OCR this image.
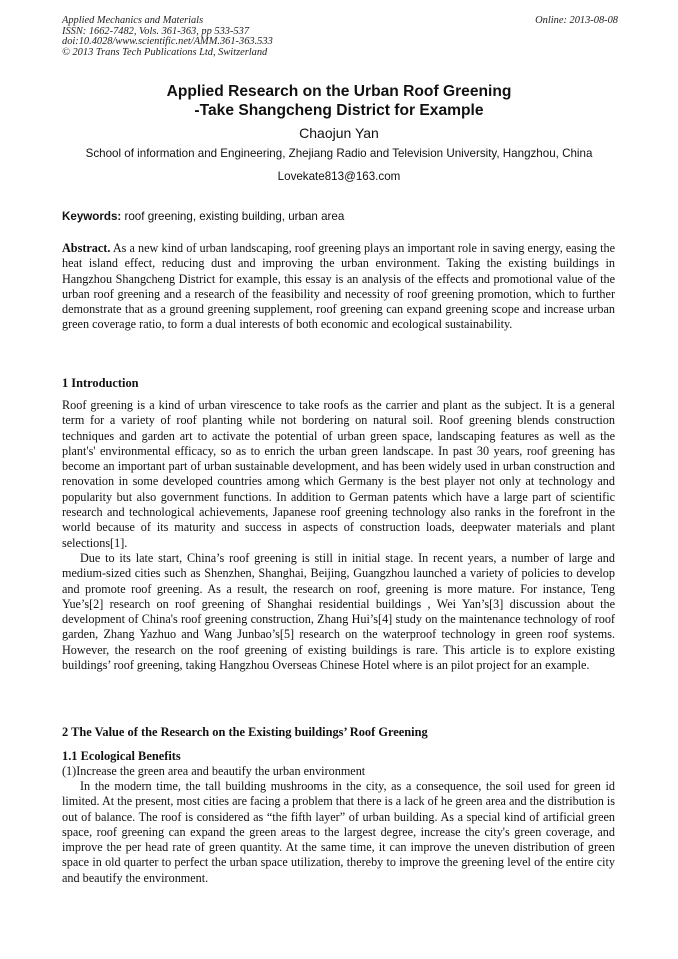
Applied Mechanics and Materials
ISSN: 1662-7482, Vols. 361-363, pp 533-537
doi:10.4028/www.scientific.net/AMM.361-363.533
© 2013 Trans Tech Publications Ltd, Switzerland
Online: 2013-08-08
Applied Research on the Urban Roof Greening
-Take Shangcheng District for Example
Chaojun Yan
School of information and Engineering, Zhejiang Radio and Television University, Hangzhou, China
Lovekate813@163.com
Keywords: roof greening, existing building, urban area
Abstract. As a new kind of urban landscaping, roof greening plays an important role in saving energy, easing the heat island effect, reducing dust and improving the urban environment. Taking the existing buildings in Hangzhou Shangcheng District for example, this essay is an analysis of the effects and promotional value of the urban roof greening and a research of the feasibility and necessity of roof greening promotion, which to further demonstrate that as a ground greening supplement, roof greening can expand greening scope and increase urban green coverage ratio, to form a dual interests of both economic and ecological sustainability.
1 Introduction

Roof greening is a kind of urban virescence to take roofs as the carrier and plant as the subject. It is a general term for a variety of roof planting while not bordering on natural soil. Roof greening blends construction techniques and garden art to activate the potential of urban green space, landscaping features as well as the plant's' environmental efficacy, so as to enrich the urban green landscape. In past 30 years, roof greening has become an important part of urban sustainable development, and has been widely used in urban construction and renovation in some developed countries among which Germany is the best player not only at technology and popularity but also government functions. In addition to German patents which have a large part of scientific research and technological achievements, Japanese roof greening technology also ranks in the forefront in the world because of its maturity and success in aspects of construction loads, deepwater materials and plant selections[1].

Due to its late start, China’s roof greening is still in initial stage. In recent years, a number of large and medium-sized cities such as Shenzhen, Shanghai, Beijing, Guangzhou launched a variety of policies to develop and promote roof greening. As a result, the research on roof, greening is more mature. For instance, Teng Yue’s[2] research on roof greening of Shanghai residential buildings , Wei Yan’s[3] discussion about the development of China's roof greening construction, Zhang Hui’s[4] study on the maintenance technology of roof garden, Zhang Yazhuo and Wang Junbao’s[5] research on the waterproof technology in green roof systems. However, the research on the roof greening of existing buildings is rare. This article is to explore existing buildings’ roof greening, taking Hangzhou Overseas Chinese Hotel where is an pilot project for an example.

2 The Value of the Research on the Existing buildings’ Roof Greening
1.1 Ecological Benefits
(1)Increase the green area and beautify the urban environment

In the modern time, the tall building mushrooms in the city, as a consequence, the soil used for green id limited. At the present, most cities are facing a problem that there is a lack of he green area and the distribution is out of balance. The roof is considered as “the fifth layer” of urban building. As a special kind of artificial green space, roof greening can expand the green areas to the largest degree, increase the city's green coverage, and improve the per head rate of green quantity. At the same time, it can improve the uneven distribution of green space in old quarter to perfect the urban space utilization, thereby to improve the greening level of the entire city and beautify the environment.
